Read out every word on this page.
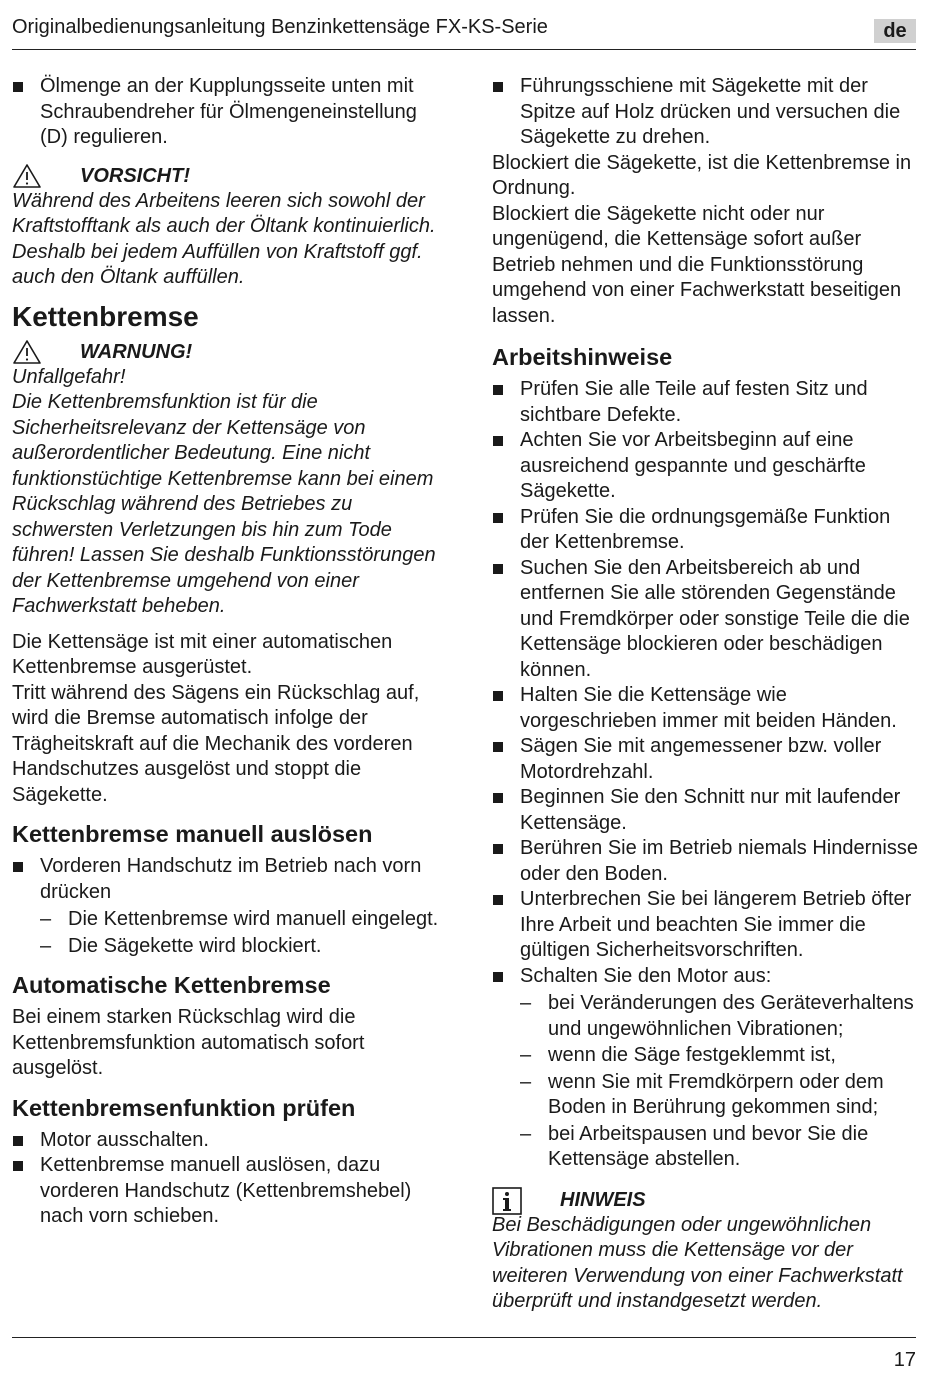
Originalbedienungsanleitung Benzinkettensäge FX-KS-Serie	de
Ölmenge an der Kupplungsseite unten mit Schraubendreher für Ölmengeneinstellung (D) regulieren.
VORSICHT!

Während des Arbeitens leeren sich sowohl der Kraftstofftank als auch der Öltank kontinuierlich. Deshalb bei jedem Auffüllen von Kraftstoff ggf. auch den Öltank auffüllen.

Kettenbremse
WARNUNG!

Unfallgefahr!

Die Kettenbremsfunktion ist für die Sicherheitsrelevanz der Kettensäge von außerordentlicher Bedeutung. Eine nicht funktionstüchtige Kettenbremse kann bei einem Rückschlag während des Betriebes zu schwersten Verletzungen bis hin zum Tode führen! Lassen Sie deshalb Funktionsstörungen der Kettenbremse umgehend von einer Fachwerkstatt beheben.

Die Kettensäge ist mit einer automatischen Kettenbremse ausgerüstet.

Tritt während des Sägens ein Rückschlag auf, wird die Bremse automatisch infolge der Trägheitskraft auf die Mechanik des vorderen Handschutzes ausgelöst und stoppt die Sägekette.

Kettenbremse manuell auslösen
Vorderen Handschutz im Betrieb nach vorn drücken
– Die Kettenbremse wird manuell eingelegt.
– Die Sägekette wird blockiert.
Automatische Kettenbremse

Bei einem starken Rückschlag wird die Kettenbremsfunktion automatisch sofort ausgelöst.

Kettenbremsenfunktion prüfen
Motor ausschalten.
Kettenbremse manuell auslösen, dazu vorderen Handschutz (Kettenbremshebel) nach vorn schieben.
Führungsschiene mit Sägekette mit der Spitze auf Holz drücken und versuchen die Sägekette zu drehen.

Blockiert die Sägekette, ist die Kettenbremse in Ordnung.

Blockiert die Sägekette nicht oder nur ungenügend, die Kettensäge sofort außer Betrieb nehmen und die Funktionsstörung umgehend von einer Fachwerkstatt beseitigen lassen.

Arbeitshinweise
Prüfen Sie alle Teile auf festen Sitz und sichtbare Defekte.
Achten Sie vor Arbeitsbeginn auf eine ausreichend gespannte und geschärfte Sägekette.
Prüfen Sie die ordnungsgemäße Funktion der Kettenbremse.
Suchen Sie den Arbeitsbereich ab und entfernen Sie alle störenden Gegenstände und Fremdkörper oder sonstige Teile die die Kettensäge blockieren oder beschädigen können.
Halten Sie die Kettensäge wie vorgeschrieben immer mit beiden Händen.
Sägen Sie mit angemessener bzw. voller Motordrehzahl.
Beginnen Sie den Schnitt nur mit laufender Kettensäge.
Berühren Sie im Betrieb niemals Hindernisse oder den Boden.
Unterbrechen Sie bei längerem Betrieb öfter Ihre Arbeit und beachten Sie immer die gültigen Sicherheitsvorschriften.
Schalten Sie den Motor aus:
– bei Veränderungen des Geräteverhaltens und ungewöhnlichen Vibrationen;
– wenn die Säge festgeklemmt ist,
– wenn Sie mit Fremdkörpern oder dem Boden in Berührung gekommen sind;
– bei Arbeitspausen und bevor Sie die Kettensäge abstellen.
HINWEIS

Bei Beschädigungen oder ungewöhnlichen Vibrationen muss die Kettensäge vor der weiteren Verwendung von einer Fachwerkstatt überprüft und instandgesetzt werden.

17
